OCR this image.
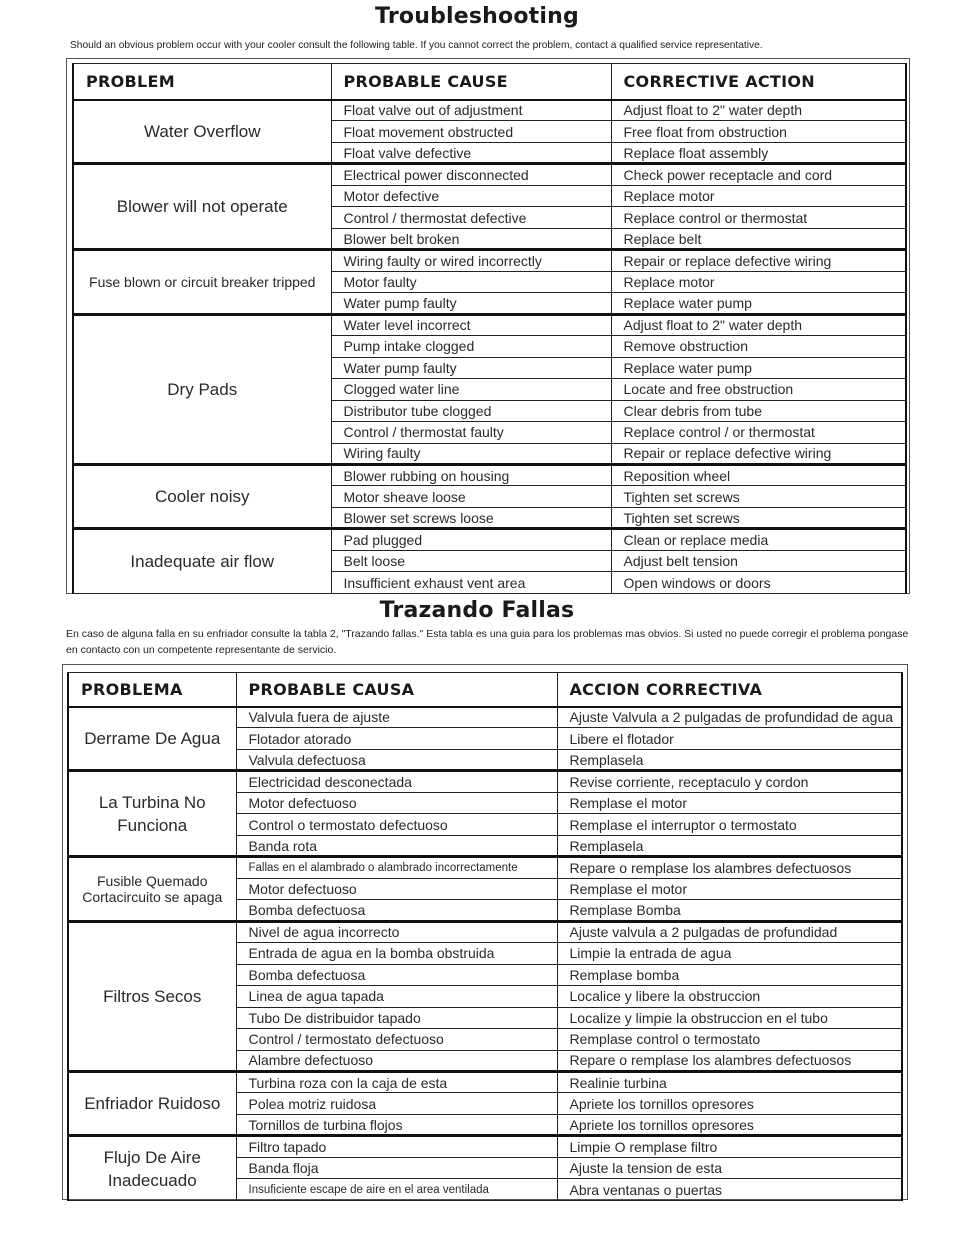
Troubleshooting
Should an obvious problem occur with your cooler consult the following table. If you cannot correct the problem, contact a qualified service representative.
PROBLEM	PROBABLE CAUSE	CORRECTIVE ACTION
Water Overflow	Float valve out of adjustment	Adjust float to 2" water depth
	Float movement obstructed	Free float from obstruction
	Float valve defective	Replace float assembly
Blower will not operate	Electrical power disconnected	Check power receptacle and cord
	Motor defective	Replace motor
	Control / thermostat defective	Replace control or thermostat
	Blower belt broken	Replace belt
Fuse blown or circuit breaker tripped	Wiring faulty or wired incorrectly	Repair or replace defective wiring
	Motor faulty	Replace motor
	Water pump faulty	Replace water pump
Dry Pads	Water level incorrect	Adjust float to 2" water depth
	Pump intake clogged	Remove obstruction
	Water pump faulty	Replace water pump
	Clogged water line	Locate and free obstruction
	Distributor tube clogged	Clear debris from tube
	Control / thermostat faulty	Replace control / or thermostat
	Wiring faulty	Repair or replace defective wiring
Cooler noisy	Blower rubbing on housing	Reposition wheel
	Motor sheave loose	Tighten set screws
	Blower set screws loose	Tighten set screws
Inadequate air flow	Pad plugged	Clean or replace media
	Belt loose	Adjust belt tension
	Insufficient exhaust vent area	Open windows or doors
Trazando Fallas
En caso de alguna falla en su enfriador consulte la tabla 2, "Trazando fallas." Esta tabla es una guia para los problemas mas obvios. Si usted no puede corregir el problema pongase en contacto con un competente representante de servicio.
PROBLEMA	PROBABLE CAUSA	ACCION CORRECTIVA
Derrame De Agua	Valvula fuera de ajuste	Ajuste Valvula a 2 pulgadas de profundidad de agua
	Flotador atorado	Libere el flotador
	Valvula defectuosa	Remplasela
La Turbina No Funciona	Electricidad desconectada	Revise corriente, receptaculo y cordon
	Motor defectuoso	Remplase el motor
	Control o termostato defectuoso	Remplase el interruptor o termostato
	Banda rota	Remplasela
Fusible Quemado Cortacircuito se apaga	Fallas en el alambrado o alambrado incorrectamente	Repare o remplase los alambres defectuosos
	Motor defectuoso	Remplase el motor
	Bomba defectuosa	Remplase Bomba
Filtros Secos	Nivel de agua incorrecto	Ajuste valvula a 2 pulgadas de profundidad
	Entrada de agua en la bomba obstruida	Limpie la entrada de agua
	Bomba defectuosa	Remplase bomba
	Linea de agua tapada	Localice y libere la obstruccion
	Tubo De distribuidor tapado	Localize y limpie la obstruccion en el tubo
	Control / termostato defectuoso	Remplase control o termostato
	Alambre defectuoso	Repare o remplase los alambres defectuosos
Enfriador Ruidoso	Turbina roza con la caja de esta	Realinie turbina
	Polea motriz ruidosa	Apriete los tornillos opresores
	Tornillos de turbina flojos	Apriete los tornillos opresores
Flujo De Aire Inadecuado	Filtro tapado	Limpie O remplase filtro
	Banda floja	Ajuste la tension de esta
	Insuficiente escape de aire en el area ventilada	Abra ventanas o puertas
